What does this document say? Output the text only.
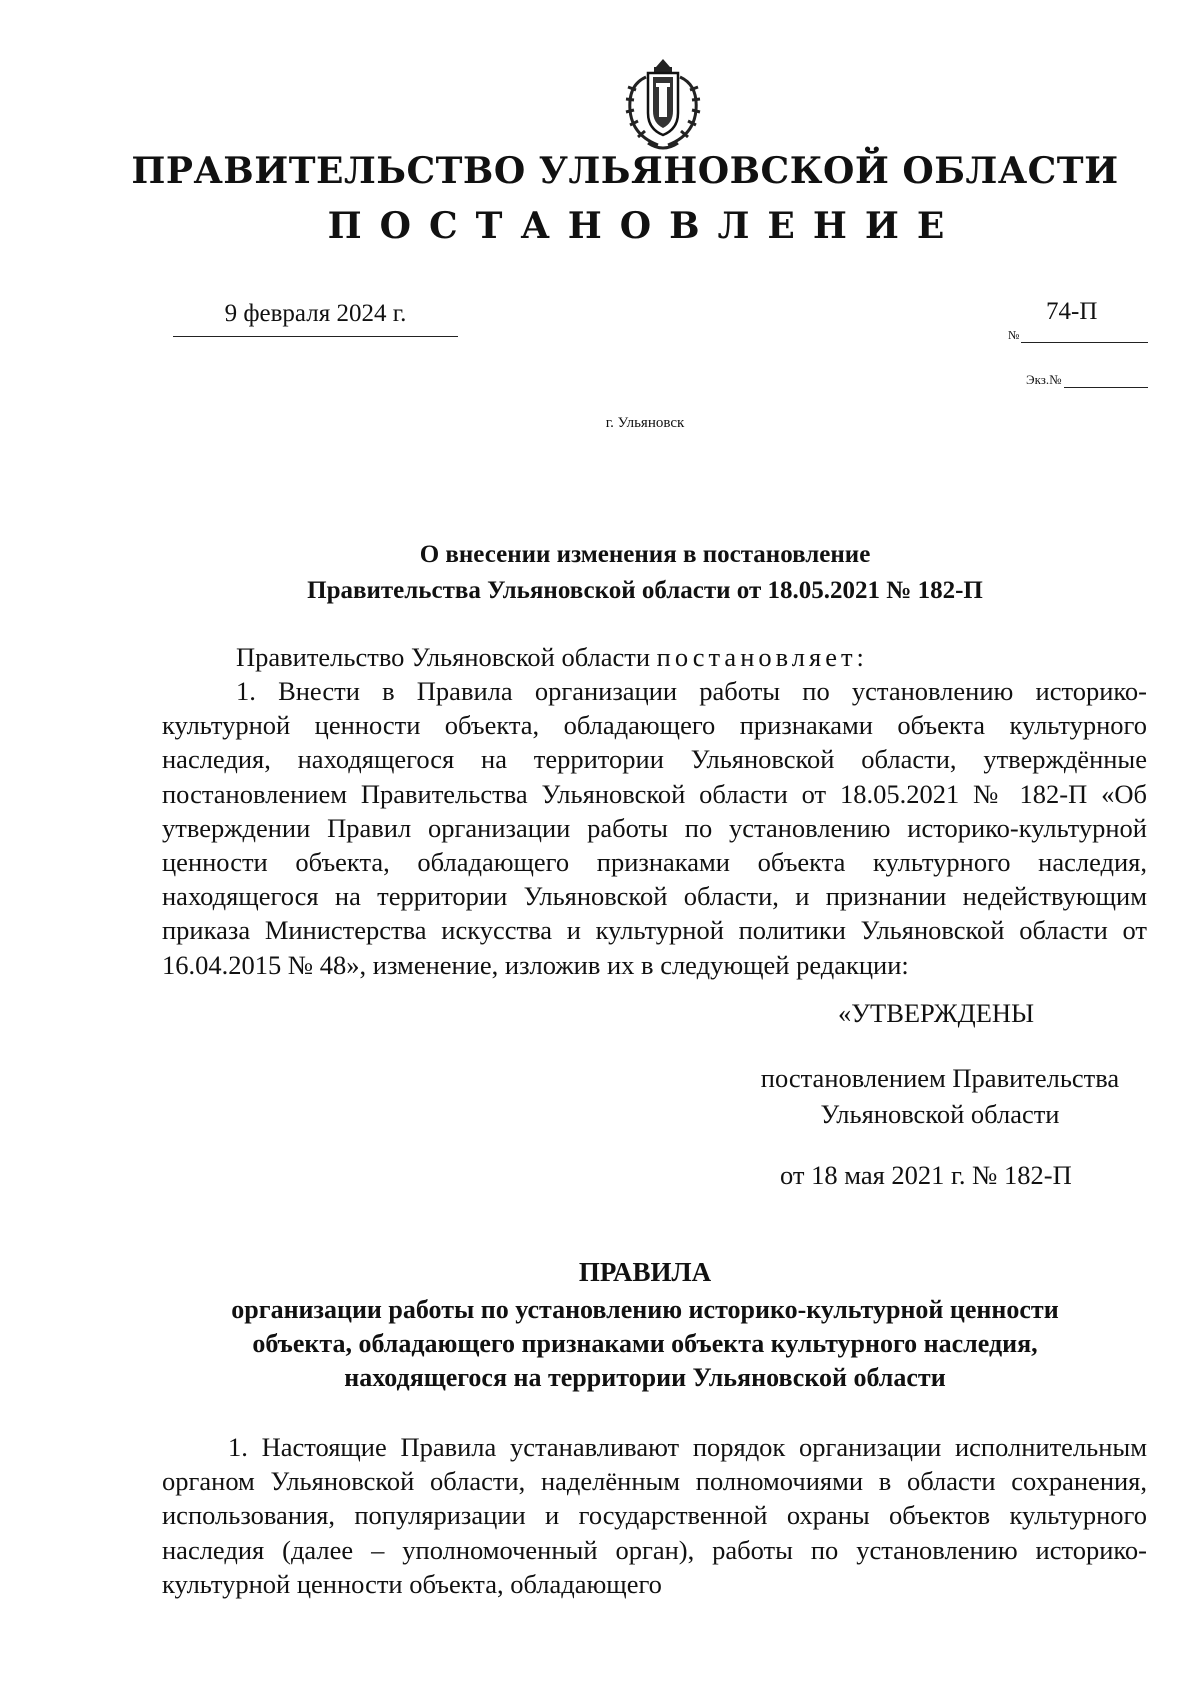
ПРАВИТЕЛЬСТВО УЛЬЯНОВСКОЙ ОБЛАСТИ
ПОСТАНОВЛЕНИЕ
9 февраля 2024 г.	74-П
№
Экз.№
г. Ульяновск
О внесении изменения в постановление
Правительства Ульяновской области от 18.05.2021 № 182-П
Правительство Ульяновской области постановляет:
1. Внести в Правила организации работы по установлению историко-культурной ценности объекта, обладающего признаками объекта культурного наследия, находящегося на территории Ульяновской области, утверждённые постановлением Правительства Ульяновской области от 18.05.2021 № 182-П «Об утверждении Правил организации работы по установлению историко-культурной ценности объекта, обладающего признаками объекта культурного наследия, находящегося на территории Ульяновской области, и признании недействующим приказа Министерства искусства и культурной политики Ульяновской области от 16.04.2015 № 48», изменение, изложив их в следующей редакции:
«УТВЕРЖДЕНЫ
постановлением Правительства
Ульяновской области
от 18 мая 2021 г. № 182-П
ПРАВИЛА
организации работы по установлению историко-культурной ценности
объекта, обладающего признаками объекта культурного наследия,
находящегося на территории Ульяновской области
1. Настоящие Правила устанавливают порядок организации исполнительным органом Ульяновской области, наделённым полномочиями в области сохранения, использования, популяризации и государственной охраны объектов культурного наследия (далее – уполномоченный орган), работы по установлению историко-культурной ценности объекта, обладающего
